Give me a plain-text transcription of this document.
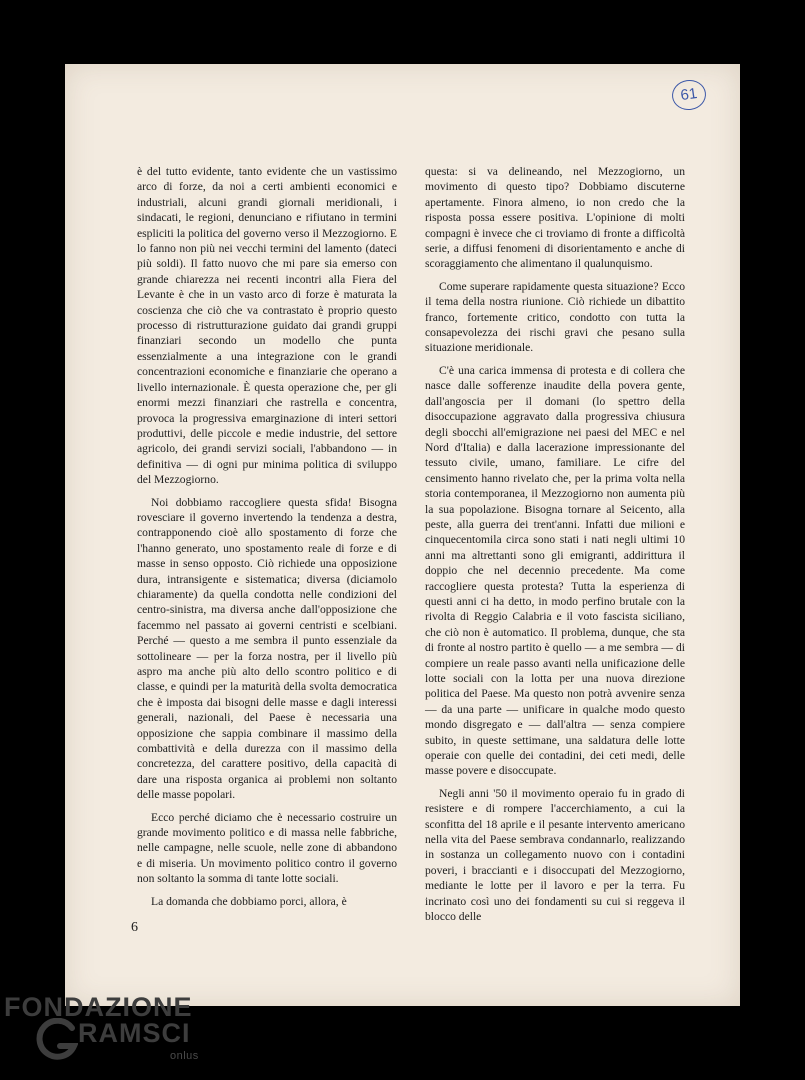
61

è del tutto evidente, tanto evidente che un vastissimo arco di forze, da noi a certi ambienti economici e industriali, alcuni grandi giornali meridionali, i sindacati, le regioni, denunciano e rifiutano in termini espliciti la politica del governo verso il Mezzogiorno. E lo fanno non più nei vecchi termini del lamento (dateci più soldi). Il fatto nuovo che mi pare sia emerso con grande chiarezza nei recenti incontri alla Fiera del Levante è che in un vasto arco di forze è maturata la coscienza che ciò che va contrastato è proprio questo processo di ristrutturazione guidato dai grandi gruppi finanziari secondo un modello che punta essenzialmente a una integrazione con le grandi concentrazioni economiche e finanziarie che operano a livello internazionale. È questa operazione che, per gli enormi mezzi finanziari che rastrella e concentra, provoca la progressiva emarginazione di interi settori produttivi, delle piccole e medie industrie, del settore agricolo, dei grandi servizi sociali, l'abbandono — in definitiva — di ogni pur minima politica di sviluppo del Mezzogiorno.

Noi dobbiamo raccogliere questa sfida! Bisogna rovesciare il governo invertendo la tendenza a destra, contrapponendo cioè allo spostamento di forze che l'hanno generato, uno spostamento reale di forze e di masse in senso opposto. Ciò richiede una opposizione dura, intransigente e sistematica; diversa (diciamolo chiaramente) da quella condotta nelle condizioni del centro-sinistra, ma diversa anche dall'opposizione che facemmo nel passato ai governi centristi e scelbiani. Perché — questo a me sembra il punto essenziale da sottolineare — per la forza nostra, per il livello più aspro ma anche più alto dello scontro politico e di classe, e quindi per la maturità della svolta democratica che è imposta dai bisogni delle masse e dagli interessi generali, nazionali, del Paese è necessaria una opposizione che sappia combinare il massimo della combattività e della durezza con il massimo della concretezza, del carattere positivo, della capacità di dare una risposta organica ai problemi non soltanto delle masse popolari.

Ecco perché diciamo che è necessario costruire un grande movimento politico e di massa nelle fabbriche, nelle campagne, nelle scuole, nelle zone di abbandono e di miseria. Un movimento politico contro il governo non soltanto la somma di tante lotte sociali.

La domanda che dobbiamo porci, allora, è

questa: si va delineando, nel Mezzogiorno, un movimento di questo tipo? Dobbiamo discuterne apertamente. Finora almeno, io non credo che la risposta possa essere positiva. L'opinione di molti compagni è invece che ci troviamo di fronte a difficoltà serie, a diffusi fenomeni di disorientamento e anche di scoraggiamento che alimentano il qualunquismo.

Come superare rapidamente questa situazione? Ecco il tema della nostra riunione. Ciò richiede un dibattito franco, fortemente critico, condotto con tutta la consapevolezza dei rischi gravi che pesano sulla situazione meridionale.

C'è una carica immensa di protesta e di collera che nasce dalle sofferenze inaudite della povera gente, dall'angoscia per il domani (lo spettro della disoccupazione aggravato dalla progressiva chiusura degli sbocchi all'emigrazione nei paesi del MEC e nel Nord d'Italia) e dalla lacerazione impressionante del tessuto civile, umano, familiare. Le cifre del censimento hanno rivelato che, per la prima volta nella storia contemporanea, il Mezzogiorno non aumenta più la sua popolazione. Bisogna tornare al Seicento, alla peste, alla guerra dei trent'anni. Infatti due milioni e cinquecentomila circa sono stati i nati negli ultimi 10 anni ma altrettanti sono gli emigranti, addirittura il doppio che nel decennio precedente. Ma come raccogliere questa protesta? Tutta la esperienza di questi anni ci ha detto, in modo perfino brutale con la rivolta di Reggio Calabria e il voto fascista siciliano, che ciò non è automatico. Il problema, dunque, che sta di fronte al nostro partito è quello — a me sembra — di compiere un reale passo avanti nella unificazione delle lotte sociali con la lotta per una nuova direzione politica del Paese. Ma questo non potrà avvenire senza — da una parte — unificare in qualche modo questo mondo disgregato e — dall'altra — senza compiere subito, in queste settimane, una saldatura delle lotte operaie con quelle dei contadini, dei ceti medi, delle masse povere e disoccupate.

Negli anni '50 il movimento operaio fu in grado di resistere e di rompere l'accerchiamento, a cui la sconfitta del 18 aprile e il pesante intervento americano nella vita del Paese sembrava condannarlo, realizzando in sostanza un collegamento nuovo con i contadini poveri, i braccianti e i disoccupati del Mezzogiorno, mediante le lotte per il lavoro e per la terra. Fu incrinato così uno dei fondamenti su cui si reggeva il blocco delle

6
FONDAZIONE
RAMSCI
onlus
